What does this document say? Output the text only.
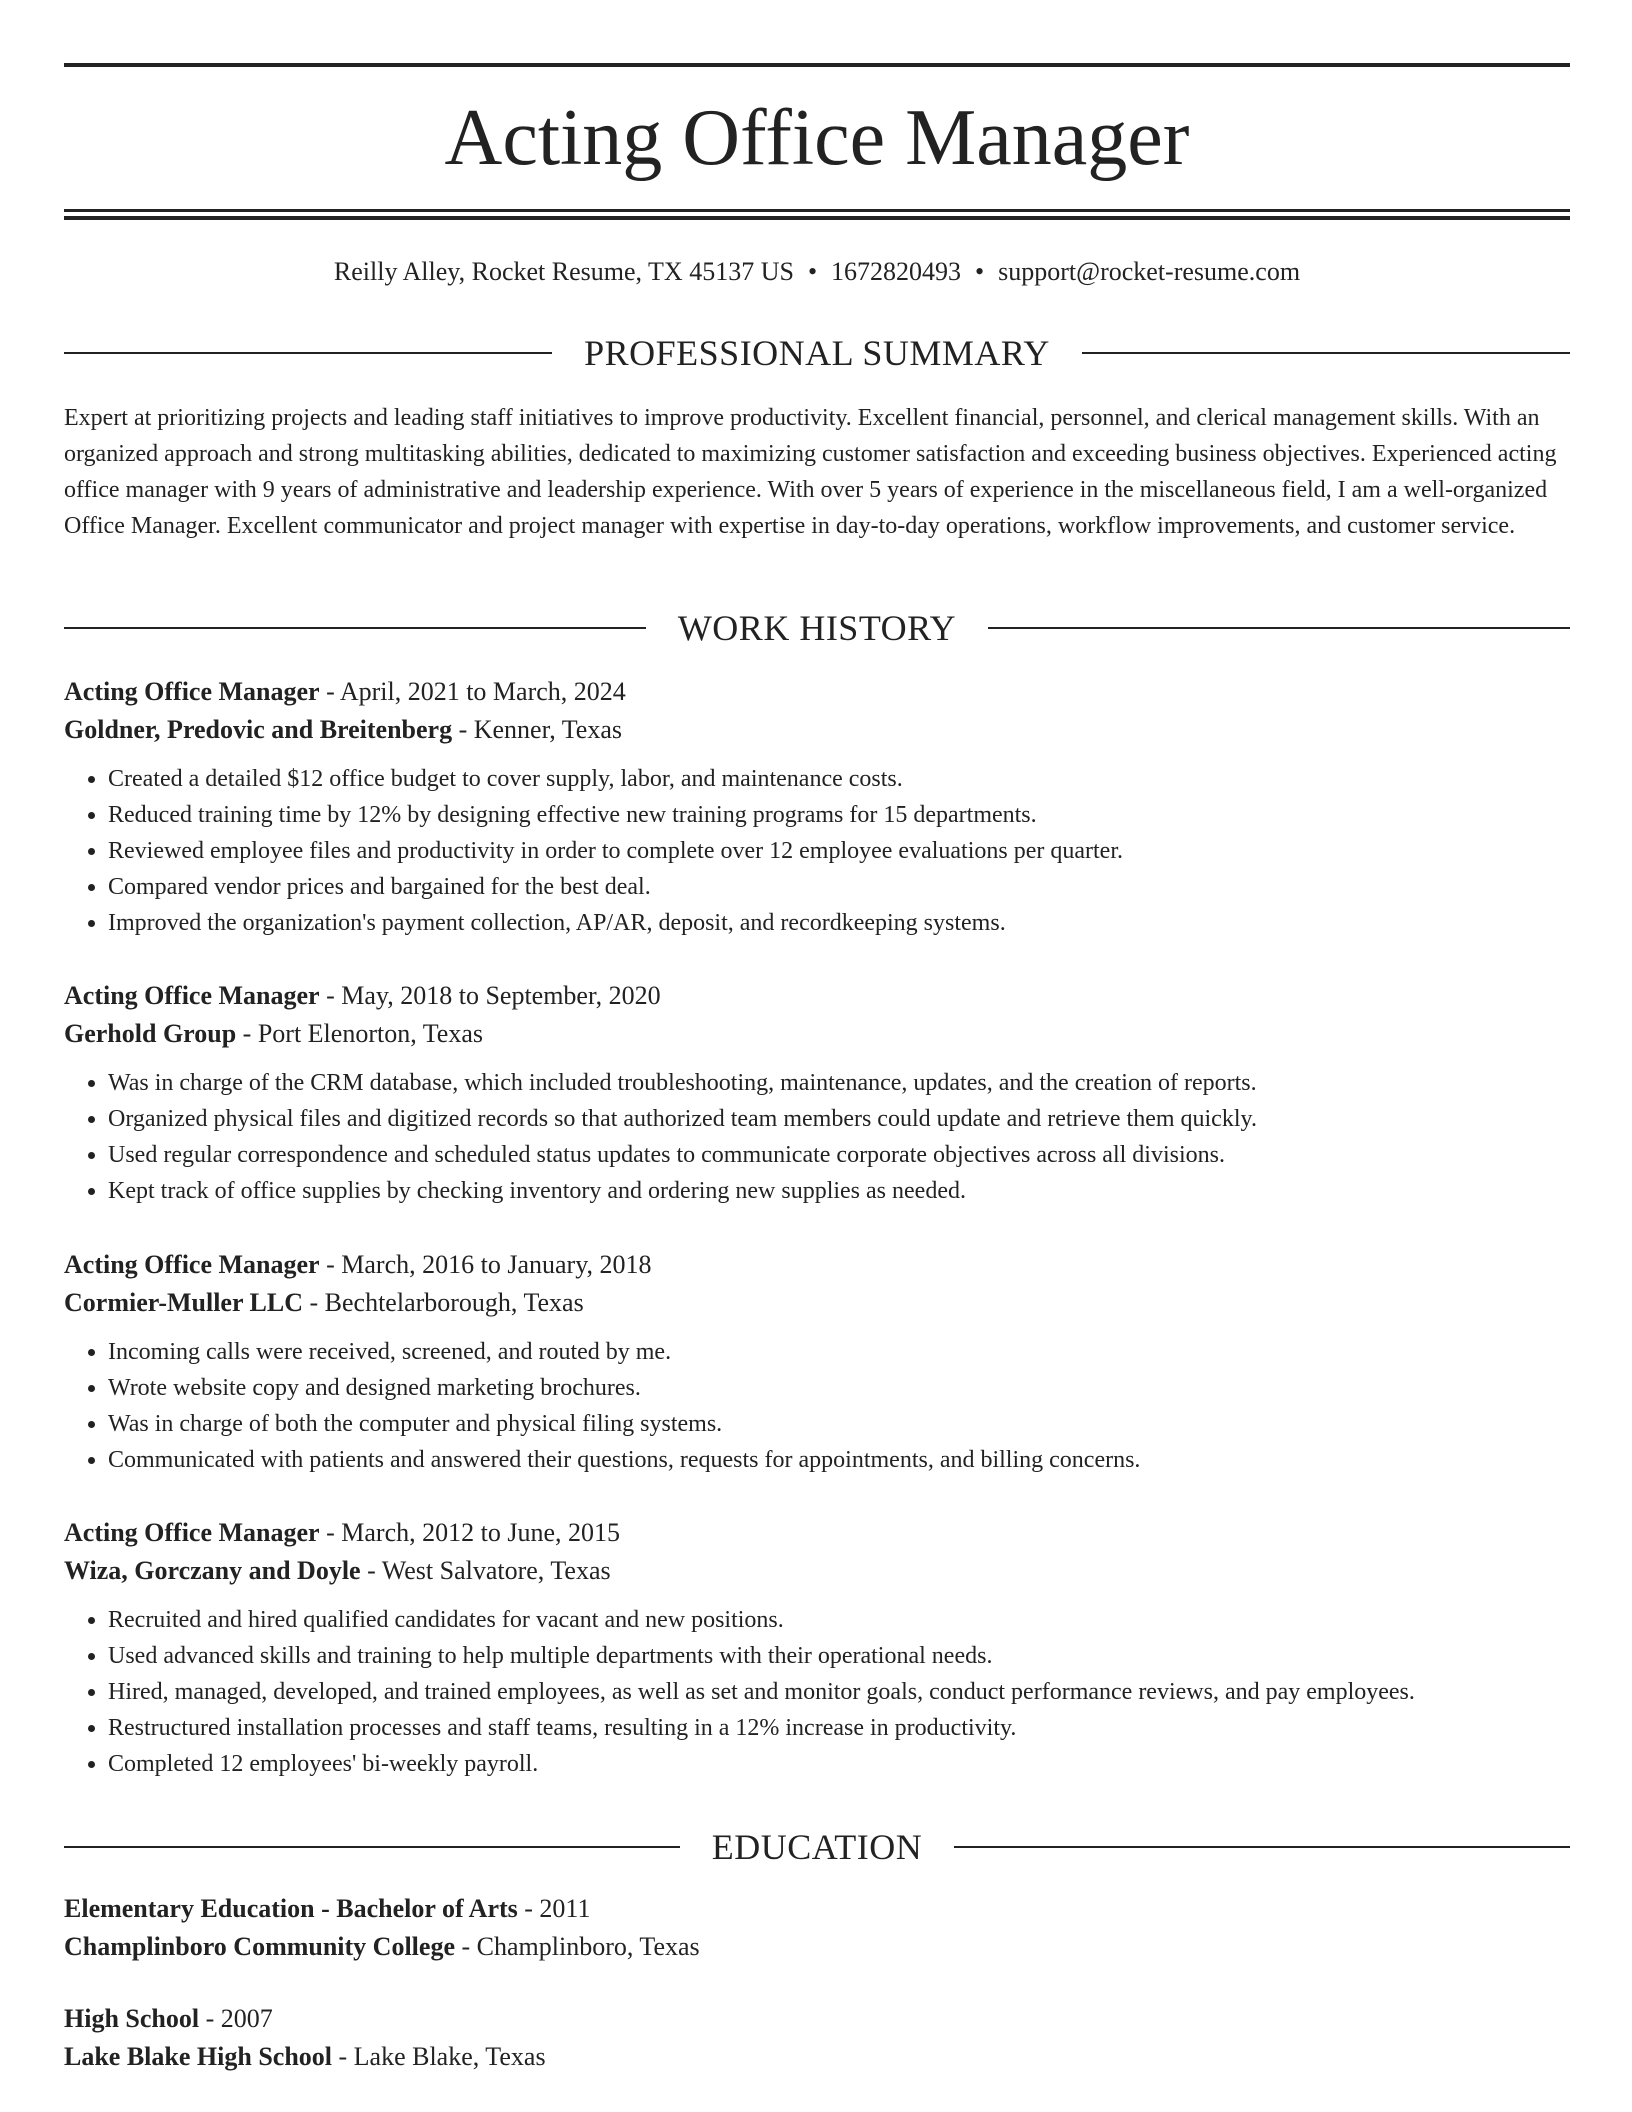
Acting Office Manager
Reilly Alley, Rocket Resume, TX 45137 US • 1672820493 • support@rocket-resume.com
PROFESSIONAL SUMMARY

Expert at prioritizing projects and leading staff initiatives to improve productivity. Excellent financial, personnel, and clerical management skills. With an organized approach and strong multitasking abilities, dedicated to maximizing customer satisfaction and exceeding business objectives. Experienced acting office manager with 9 years of administrative and leadership experience. With over 5 years of experience in the miscellaneous field, I am a well-organized Office Manager. Excellent communicator and project manager with expertise in day-to-day operations, workflow improvements, and customer service.

WORK HISTORY
Acting Office Manager - April, 2021 to March, 2024
Goldner, Predovic and Breitenberg - Kenner, Texas
• Created a detailed $12 office budget to cover supply, labor, and maintenance costs.
• Reduced training time by 12% by designing effective new training programs for 15 departments.
• Reviewed employee files and productivity in order to complete over 12 employee evaluations per quarter.
• Compared vendor prices and bargained for the best deal.
• Improved the organization's payment collection, AP/AR, deposit, and recordkeeping systems.
Acting Office Manager - May, 2018 to September, 2020
Gerhold Group - Port Elenorton, Texas
• Was in charge of the CRM database, which included troubleshooting, maintenance, updates, and the creation of reports.
• Organized physical files and digitized records so that authorized team members could update and retrieve them quickly.
• Used regular correspondence and scheduled status updates to communicate corporate objectives across all divisions.
• Kept track of office supplies by checking inventory and ordering new supplies as needed.
Acting Office Manager - March, 2016 to January, 2018
Cormier-Muller LLC - Bechtelarborough, Texas
• Incoming calls were received, screened, and routed by me.
• Wrote website copy and designed marketing brochures.
• Was in charge of both the computer and physical filing systems.
• Communicated with patients and answered their questions, requests for appointments, and billing concerns.
Acting Office Manager - March, 2012 to June, 2015
Wiza, Gorczany and Doyle - West Salvatore, Texas
• Recruited and hired qualified candidates for vacant and new positions.
• Used advanced skills and training to help multiple departments with their operational needs.
• Hired, managed, developed, and trained employees, as well as set and monitor goals, conduct performance reviews, and pay employees.
• Restructured installation processes and staff teams, resulting in a 12% increase in productivity.
• Completed 12 employees' bi-weekly payroll.
EDUCATION
Elementary Education - Bachelor of Arts - 2011
Champlinboro Community College - Champlinboro, Texas
High School - 2007
Lake Blake High School - Lake Blake, Texas
